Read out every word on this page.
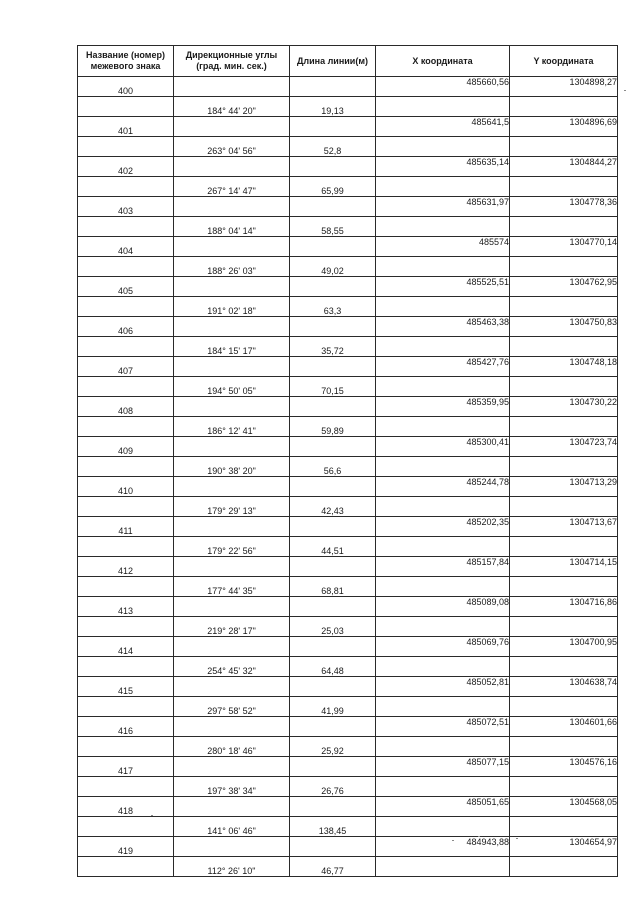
Название (номер) межевого знака	Дирекционные углы (град. мин. сек.)	Длина линии(м)	X координата	Y координата
400			485660,56	1304898,27
	184° 44' 20"	19,13		
401			485641,5	1304896,69
	263° 04' 56"	52,8		
402			485635,14	1304844,27
	267° 14' 47"	65,99		
403			485631,97	1304778,36
	188° 04' 14"	58,55		
404			485574	1304770,14
	188° 26' 03"	49,02		
405			485525,51	1304762,95
	191° 02' 18"	63,3		
406			485463,38	1304750,83
	184° 15' 17"	35,72		
407			485427,76	1304748,18
	194° 50' 05"	70,15		
408			485359,95	1304730,22
	186° 12' 41"	59,89		
409			485300,41	1304723,74
	190° 38' 20"	56,6		
410			485244,78	1304713,29
	179° 29' 13"	42,43		
411			485202,35	1304713,67
	179° 22' 56"	44,51		
412			485157,84	1304714,15
	177° 44' 35"	68,81		
413			485089,08	1304716,86
	219° 28' 17"	25,03		
414			485069,76	1304700,95
	254° 45' 32"	64,48		
415			485052,81	1304638,74
	297° 58' 52"	41,99		
416			485072,51	1304601,66
	280° 18' 46"	25,92		
417			485077,15	1304576,16
	197° 38' 34"	26,76		
418			485051,65	1304568,05
	141° 06' 46"	138,45		
419			484943,88	1304654,97
	112° 26' 10"	46,77		
